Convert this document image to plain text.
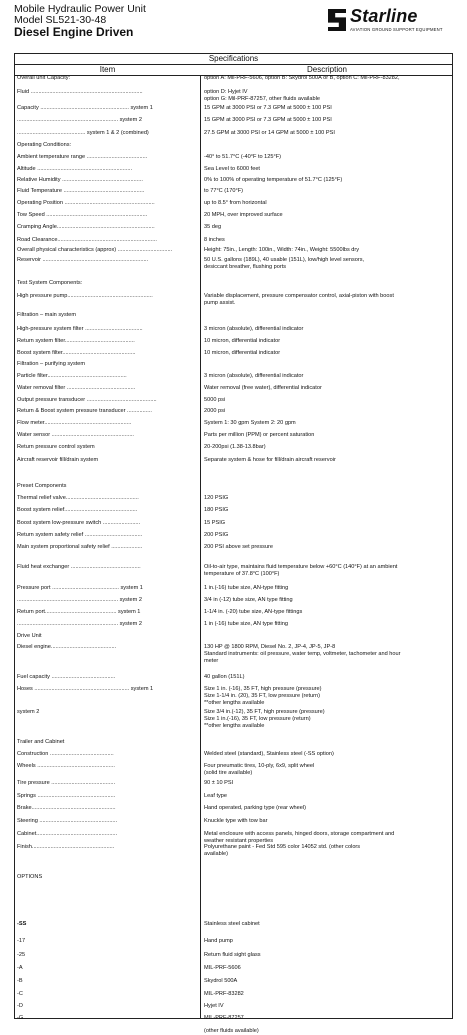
Mobile Hydraulic Power Unit
Model SL521-30-48
Diesel Engine Driven
Starline
AVIATION GROUND SUPPORT EQUIPMENT
Specifications
Item	Description
Overall unit Capacity:	option A: Mil-PRF-5606, option B: Skydrol 500A or B, option C: Mil-PRF-83282,
Fluid ........................................................................	option D: Hyjet IV
option G: Mil-PRF-87257, other fluids available
Capacity ......................................................... system 1	15 GPM at 3000 PSI or 7.3 GPM at 5000 ± 100 PSI
................................................................. system 2	15 GPM at 3000 PSI or 7.3 GPM at 5000 ± 100 PSI
............................................ system 1 & 2 (combined)	27.5 GPM at 3000 PSI or 14 GPM at 5000 ± 100 PSI
Operating Conditions:
Ambient temperature range .......................................	-40° to 51.7°C (-40°F to 125°F)
Altitude .............................................................	Sea Level to 6000 feet
Relative Humidity ....................................................	0% to 100% of operating temperature of 51.7°C (125°F)
Fluid Temperature ....................................................	to 77°C (170°F)
Operating Position ..........................................................	up to 8.5° from horizontal
Tow Speed .................................................................	20 MPH, over improved surface
Cramping Angle...............................................................	35 deg
Road Clearance................................................................	8 inches
Overall physical characteristics (approx) ...................................	Height: 75in., Length: 100in., Width: 74in., Weight: 5500lbs dry
Reservoir ....................................................................	50 U.S. gallons (189L), 40 usable (151L), low/high level sensors,
desiccant breather, flushing ports
Test System Components:
High pressure pump.......................................................	Variable displacement, pressure compensator control, axial-piston with boost
pump assist.
Filtration – main system
High-pressure system filter .....................................	3 micron (absolute), differential indicator
Return system filter.............................................	10 micron, differential indicator
Boost system filter...............................................	10 micron, differential indicator
Filtration – purifying system
Particle filter...................................................	3 micron (absolute), differential indicator
Water removal filter ............................................	Water removal (free water), differential indicator
Output pressure transducer .............................................	5000 psi
Return & Boost system pressure transducer ................	2000 psi
Flow meter........................................................	System 1: 30 gpm System 2: 20 gpm
Water sensor .....................................................	Parts per million (PPM) or percent saturation
Return pressure control system	20-200psi (1.38-13.8bar)
Aircraft reservoir fill/drain system	Separate system & hose for fill/drain aircraft reservoir
Preset Components
Thermal relief valve...............................................	120 PSIG
Boost system relief...............................................	180 PSIG
Boost system low-pressure switch ........................	15 PSIG
Return system safety relief .....................................	200 PSIG
Main system proportional safety relief ....................	200 PSI above set pressure
Fluid heat exchanger .............................................	Oil-to-air type, maintains fluid temperature below +60°C (140°F) at an ambient
temperature of 37.8°C (100°F)
Pressure port ........................................... system 1	1 in.(-16) tube size, AN-type fitting
................................................................. system 2	3/4 in (-12) tube size, AN type fitting
Return port.............................................. system 1	1-1/4 in. (-20) tube size, AN-type fittings
................................................................. system 2	1 in (-16) tube size, AN type fitting
Drive Unit
Diesel engine..........................................	130 HP @ 1800 RPM, Diesel No. 2, JP-4, JP-5, JP-8
Standard instruments: oil pressure, water temp, voltmeter, tachometer and hour
meter
Fuel capacity .........................................	40 gallon (151L)
Hoses ............................................................. system 1	Size 1 in. (-16), 35 FT, high pressure (pressure)
Size 1-1/4 in. (20), 35 FT, low pressure (return)
**other lengths available
system 2	Size 3/4 in.(-12), 35 FT, high pressure (pressure)
Size 1 in.(-16), 35 FT, low pressure (return)
**other lengths available
Trailer and Cabinet
Construction .........................................	Welded steel (standard), Stainless steel (-SS option)
Wheels ..................................................	Four pneumatic tires, 10-ply, 6x9, split wheel
(solid tire available)
Tire pressure .........................................	90 ± 10 PSI
Springs ..................................................	Leaf type
Brake......................................................	Hand operated, parking type (rear wheel)
Steering ..................................................	Knuckle type with tow bar
Cabinet....................................................	Metal enclosure with access panels, hinged doors, storage compartment and
weather resistant properties
Finish.....................................................	Polyurethane paint - Fed Std 595 color 14052 std. (other colors
available)
OPTIONS
-SS	Stainless steel cabinet
-17	Hand pump
-25	Return fluid sight glass
-A	MIL-PRF-5606
-B	Skydrol 500A
-C	MIL-PRF-83282
-D	Hyjet IV
-G	MIL-PRF-87257
(other fluids available)
